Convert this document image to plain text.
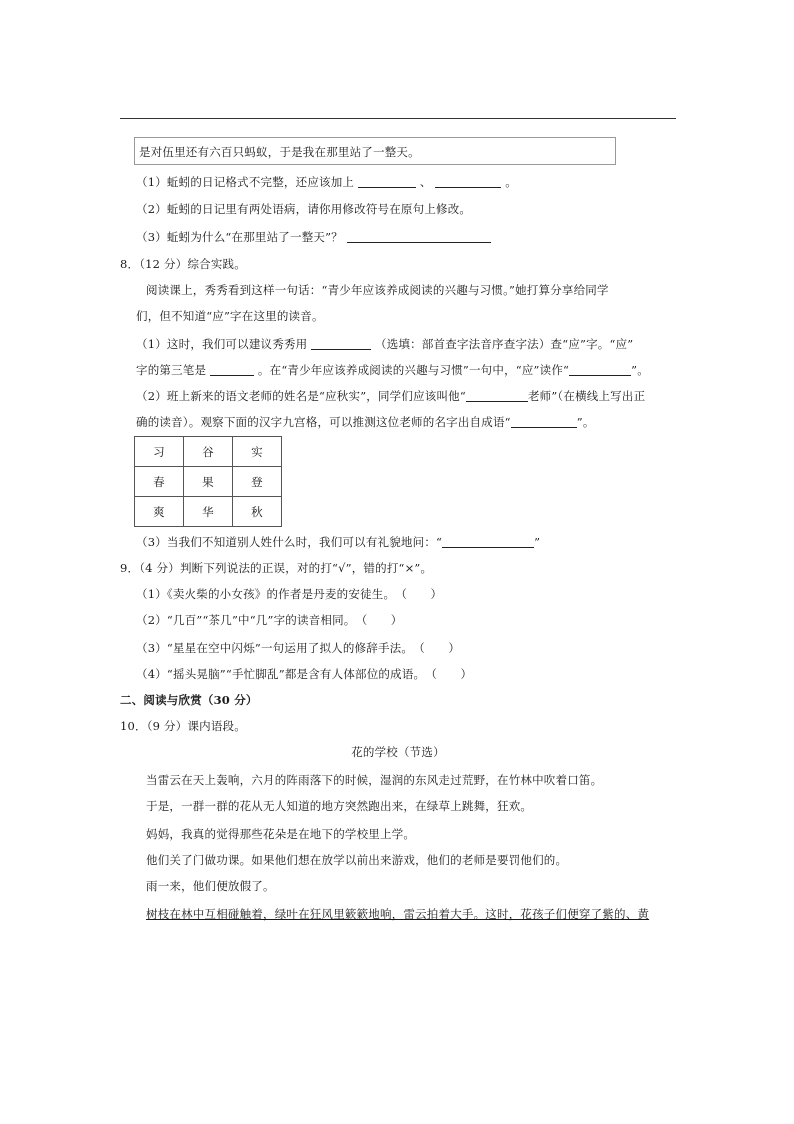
是对伍里还有六百只蚂蚁，于是我在那里站了一整天。
（1）蚯蚓的日记格式不完整，还应该加上	、	。
（2）蚯蚓的日记里有两处语病，请你用修改符号在原句上修改。
（3）蚯蚓为什么“在那里站了一整天”？
8．（12 分）综合实践。
阅读课上，秀秀看到这样一句话：“青少年应该养成阅读的兴趣与习惯。”她打算分享给同学
们，但不知道“应”字在这里的读音。
（1）这时，我们可以建议秀秀用	（选填：部首查字法音序查字法）查“应”字。“应”
字的第三笔是	。在“青少年应该养成阅读的兴趣与习惯”一句中，“应”读作“	”。
（2）班上新来的语文老师的姓名是“应秋实”，同学们应该叫他“	老师”（在横线上写出正
确的读音）。观察下面的汉字九宫格，可以推测这位老师的名字出自成语“	”。
习	谷	实
春	果	登
爽	华	秋
（3）当我们不知道别人姓什么时，我们可以有礼貌地问：“	”
9．（4 分）判断下列说法的正误，对的打“√”，错的打“×”。
（1）《卖火柴的小女孩》的作者是丹麦的安徒生。　（　　）
（2）“几百”“茶几”中“几”字的读音相同。　（　　）
（3）“星星在空中闪烁”一句运用了拟人的修辞手法。　（　　）
（4）“摇头晃脑”“手忙脚乱”都是含有人体部位的成语。　（　　）
二、阅读与欣赏（30 分）
10．（9 分）课内语段。
花的学校（节选）
当雷云在天上轰响，六月的阵雨落下的时候，湿润的东风走过荒野，在竹林中吹着口笛。
于是，一群一群的花从无人知道的地方突然跑出来，在绿草上跳舞，狂欢。
妈妈，我真的觉得那些花朵是在地下的学校里上学。
他们关了门做功课。如果他们想在放学以前出来游戏，他们的老师是要罚他们的。
雨一来，他们便放假了。
树枝在林中互相碰触着，绿叶在狂风里簌簌地响，雷云拍着大手。这时，花孩子们便穿了紫的、黄
